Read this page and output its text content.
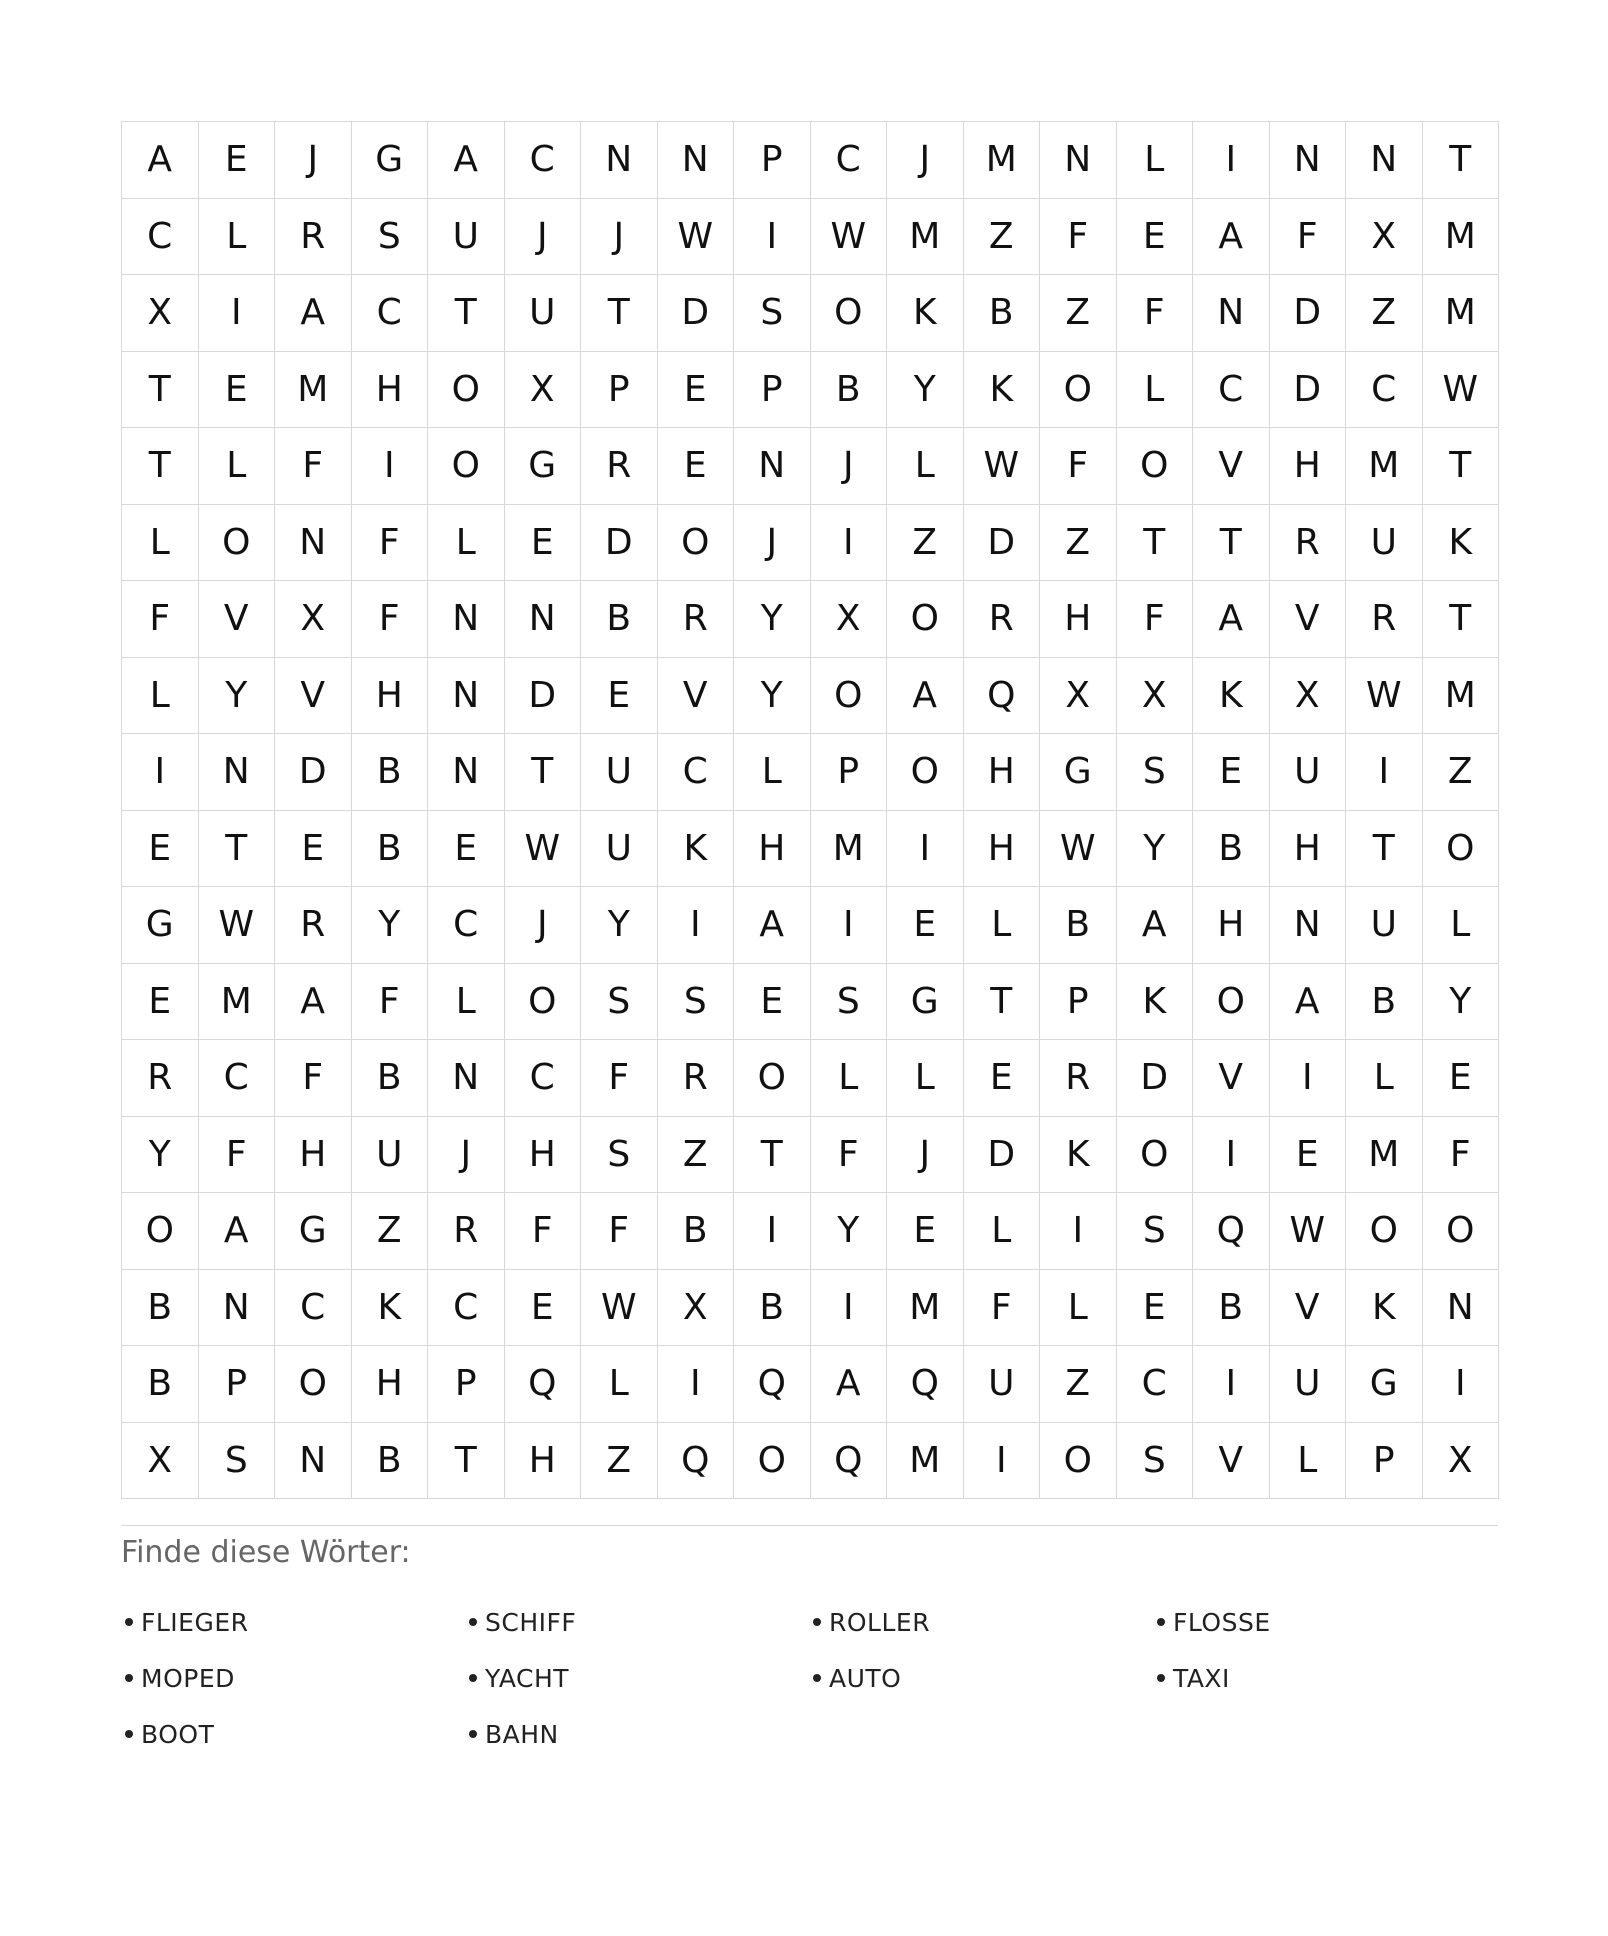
A	E	J	G	A	C	N	N	P	C	J	M	N	L	I	N	N	T
C	L	R	S	U	J	J	W	I	W	M	Z	F	E	A	F	X	M
X	I	A	C	T	U	T	D	S	O	K	B	Z	F	N	D	Z	M
T	E	M	H	O	X	P	E	P	B	Y	K	O	L	C	D	C	W
T	L	F	I	O	G	R	E	N	J	L	W	F	O	V	H	M	T
L	O	N	F	L	E	D	O	J	I	Z	D	Z	T	T	R	U	K
F	V	X	F	N	N	B	R	Y	X	O	R	H	F	A	V	R	T
L	Y	V	H	N	D	E	V	Y	O	A	Q	X	X	K	X	W	M
I	N	D	B	N	T	U	C	L	P	O	H	G	S	E	U	I	Z
E	T	E	B	E	W	U	K	H	M	I	H	W	Y	B	H	T	O
G	W	R	Y	C	J	Y	I	A	I	E	L	B	A	H	N	U	L
E	M	A	F	L	O	S	S	E	S	G	T	P	K	O	A	B	Y
R	C	F	B	N	C	F	R	O	L	L	E	R	D	V	I	L	E
Y	F	H	U	J	H	S	Z	T	F	J	D	K	O	I	E	M	F
O	A	G	Z	R	F	F	B	I	Y	E	L	I	S	Q	W	O	O
B	N	C	K	C	E	W	X	B	I	M	F	L	E	B	V	K	N
B	P	O	H	P	Q	L	I	Q	A	Q	U	Z	C	I	U	G	I
X	S	N	B	T	H	Z	Q	O	Q	M	I	O	S	V	L	P	X
Finde diese Wörter:
FLIEGER	SCHIFF	ROLLER	FLOSSE
MOPED	YACHT	AUTO	TAXI
BOOT	BAHN
